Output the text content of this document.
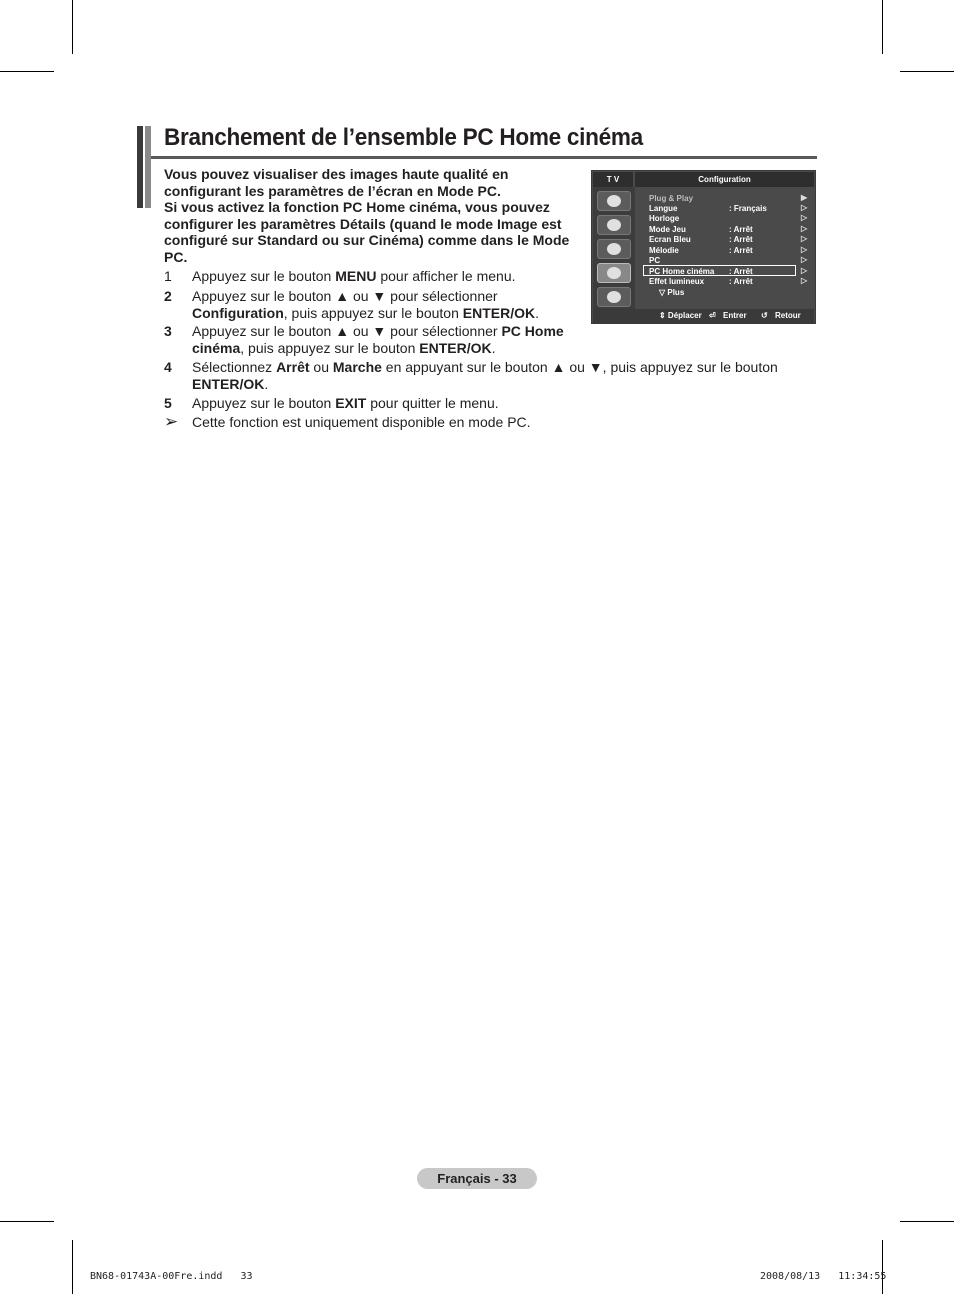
Branchement de l’ensemble PC Home cinéma

Vous pouvez visualiser des images haute qualité en

configurant les paramètres de l’écran en Mode PC.

Si vous activez la fonction PC Home cinéma, vous pouvez

configurer les paramètres Détails (quand le mode Image est

configuré sur Standard ou sur Cinéma) comme dans le Mode

PC.

1	Appuyez sur le bouton MENU pour afficher le menu.
2	Appuyez sur le bouton ▲ ou ▼ pour sélectionner
Configuration, puis appuyez sur le bouton ENTER/OK.
3	Appuyez sur le bouton ▲ ou ▼ pour sélectionner PC Home
cinéma, puis appuyez sur le bouton ENTER/OK.
4	Sélectionnez Arrêt ou Marche en appuyant sur le bouton ▲ ou ▼, puis appuyez sur le bouton
ENTER/OK.
5	Appuyez sur le bouton EXIT pour quitter le menu.
➢ Cette fonction est uniquement disponible en mode PC.
T V	Configuration
Plug & Play	▶
Langue	: Français	▷
Horloge	▷
Mode Jeu	: Arrêt	▷
Ecran Bleu	: Arrêt	▷
Mélodie	: Arrêt	▷
PC	▷
PC Home cinéma : Arrêt	▷
Effet lumineux	: Arrêt	▷
▽ Plus
⇕ Déplacer ⏎ Entrer ↺ Retour
Français - 33
BN68-01743A-00Fre.indd   33	2008/08/13   11:34:55
